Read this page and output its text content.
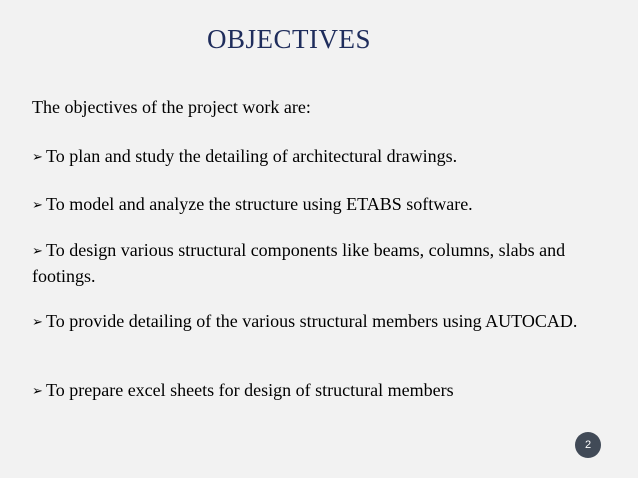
OBJECTIVES
The objectives of the project work are:
➢ To plan and study the detailing of architectural drawings.
➢ To model and analyze the structure using ETABS software.
➢ To design various structural components like beams, columns, slabs and footings.
➢ To provide detailing of the various structural members using AUTOCAD.
➢ To prepare excel sheets for design of structural members
2
